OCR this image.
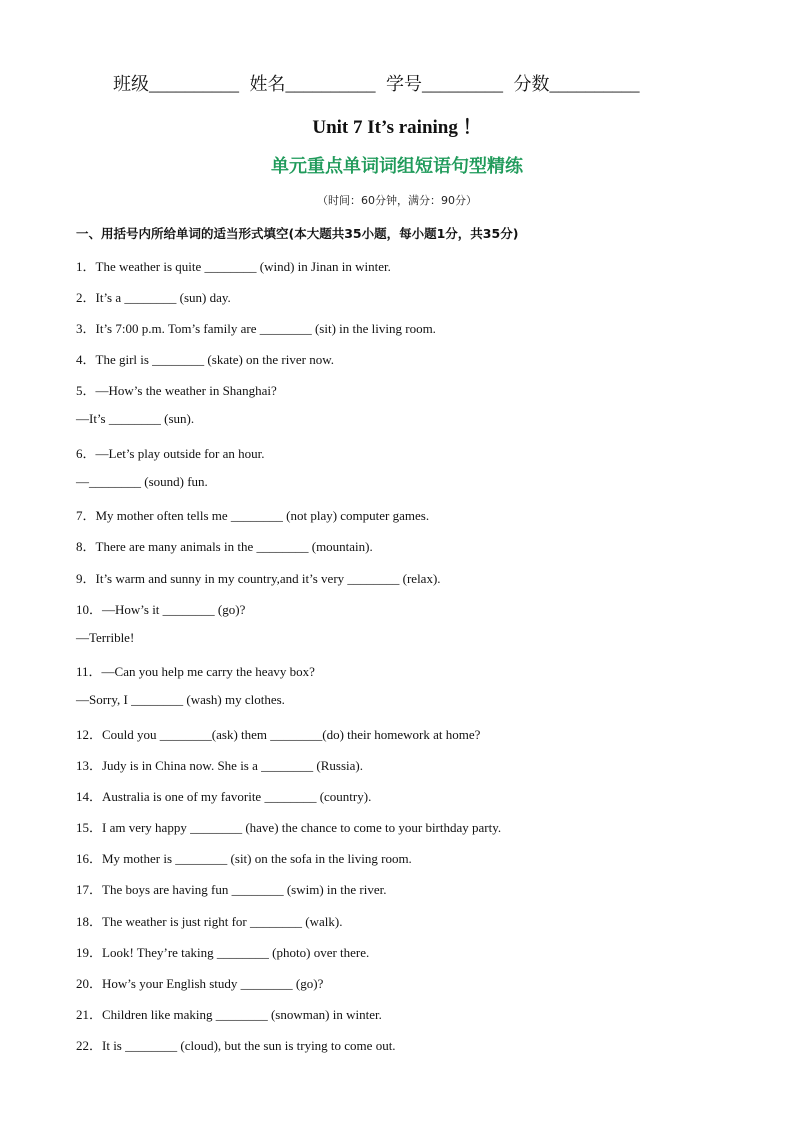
班级__________ 姓名__________ 学号_________ 分数__________
Unit 7 It’s raining ！
单元重点单词词组短语句型精练
（时间：60分钟，满分：90分）
一、用括号内所给单词的适当形式填空(本大题共35小题，每小题1分，共35分)
1．The weather is quite ________ (wind) in Jinan in winter.
2．It’s a ________ (sun) day.
3．It’s 7:00 p.m. Tom’s family are ________ (sit) in the living room.
4．The girl is ________ (skate) on the river now.
5．—How’s the weather in Shanghai?
—It’s ________ (sun).
6．—Let’s play outside for an hour.
—________ (sound) fun.
7．My mother often tells me ________ (not play) computer games.
8．There are many animals in the ________ (mountain).
9．It’s warm and sunny in my country,and it’s very ________ (relax).
10．—How’s it ________ (go)?
—Terrible!
11．—Can you help me carry the heavy box?
—Sorry, I ________ (wash) my clothes.
12．Could you ________(ask) them ________(do) their homework at home?
13．Judy is in China now. She is a ________ (Russia).
14．Australia is one of my favorite ________ (country).
15．I am very happy ________ (have) the chance to come to your birthday party.
16．My mother is ________ (sit) on the sofa in the living room.
17．The boys are having fun ________ (swim) in the river.
18．The weather is just right for ________ (walk).
19．Look! They’re taking ________ (photo) over there.
20．How’s your English study ________ (go)?
21．Children like making ________ (snowman) in winter.
22．It is ________ (cloud), but the sun is trying to come out.
